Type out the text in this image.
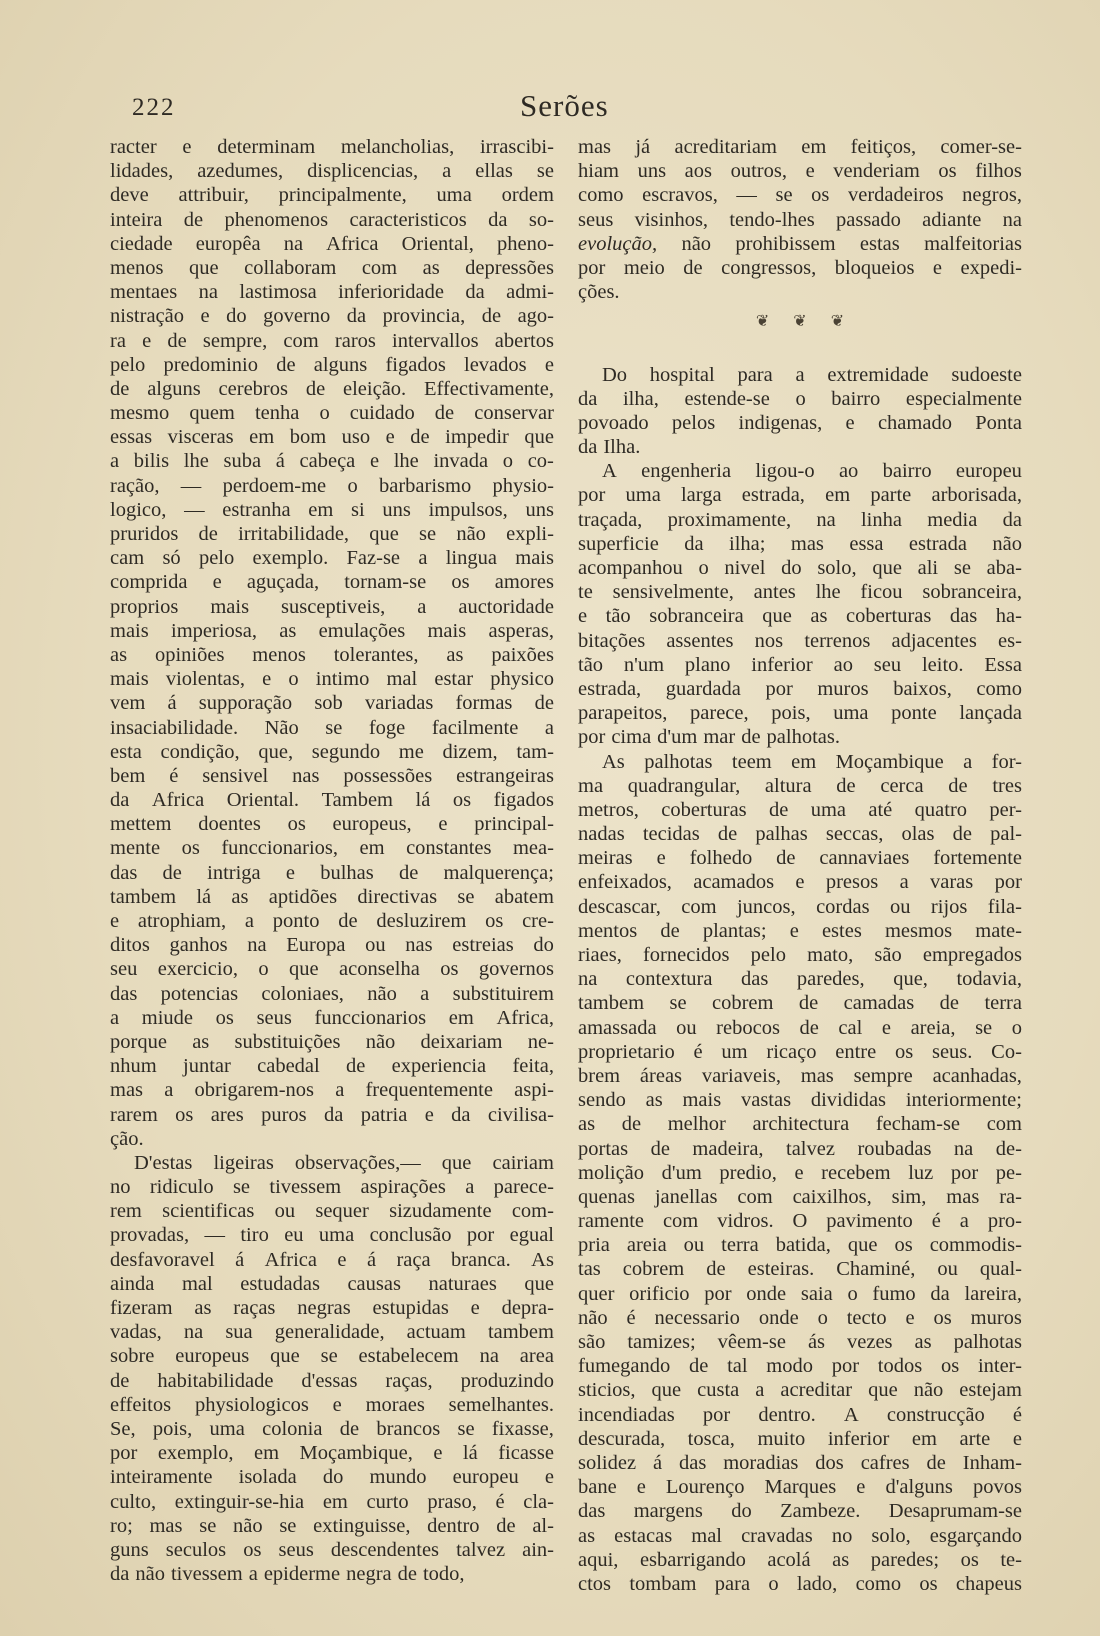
222	Serões
racter e determinam melancholias, irrascibi-
lidades, azedumes, displicencias, a ellas se
deve attribuir, principalmente, uma ordem
inteira de phenomenos caracteristicos da so-
ciedade europêa na Africa Oriental, pheno-
menos que collaboram com as depressões
mentaes na lastimosa inferioridade da admi-
nistração e do governo da provincia, de ago-
ra e de sempre, com raros intervallos abertos
pelo predominio de alguns figados levados e
de alguns cerebros de eleição. Effectivamente,
mesmo quem tenha o cuidado de conservar
essas visceras em bom uso e de impedir que
a bilis lhe suba á cabeça e lhe invada o co-
ração, — perdoem-me o barbarismo physio-
logico, — estranha em si uns impulsos, uns
pruridos de irritabilidade, que se não expli-
cam só pelo exemplo. Faz-se a lingua mais
comprida e aguçada, tornam-se os amores
proprios mais susceptiveis, a auctoridade
mais imperiosa, as emulações mais asperas,
as opiniões menos tolerantes, as paixões
mais violentas, e o intimo mal estar physico
vem á supporação sob variadas formas de
insaciabilidade. Não se foge facilmente a
esta condição, que, segundo me dizem, tam-
bem é sensivel nas possessões estrangeiras
da Africa Oriental. Tambem lá os figados
mettem doentes os europeus, e principal-
mente os funccionarios, em constantes mea-
das de intriga e bulhas de malquerença;
tambem lá as aptidões directivas se abatem
e atrophiam, a ponto de desluzirem os cre-
ditos ganhos na Europa ou nas estreias do
seu exercicio, o que aconselha os governos
das potencias coloniaes, não a substituirem
a miude os seus funccionarios em Africa,
porque as substituições não deixariam ne-
nhum juntar cabedal de experiencia feita,
mas a obrigarem-nos a frequentemente aspi-
rarem os ares puros da patria e da civilisa-
ção.
D'estas ligeiras observações,— que cairiam
no ridiculo se tivessem aspirações a parece-
rem scientificas ou sequer sizudamente com-
provadas, — tiro eu uma conclusão por egual
desfavoravel á Africa e á raça branca. As
ainda mal estudadas causas naturaes que
fizeram as raças negras estupidas e depra-
vadas, na sua generalidade, actuam tambem
sobre europeus que se estabelecem na area
de habitabilidade d'essas raças, produzindo
effeitos physiologicos e moraes semelhantes.
Se, pois, uma colonia de brancos se fixasse,
por exemplo, em Moçambique, e lá ficasse
inteiramente isolada do mundo europeu e
culto, extinguir-se-hia em curto praso, é cla-
ro; mas se não se extinguisse, dentro de al-
guns seculos os seus descendentes talvez ain-
da não tivessem a epiderme negra de todo,
mas já acreditariam em feitiços, comer-se-
hiam uns aos outros, e venderiam os filhos
como escravos, — se os verdadeiros negros,
seus visinhos, tendo-lhes passado adiante na
evolução, não prohibissem estas malfeitorias
por meio de congressos, bloqueios e expedi-
ções.
❦ ❦ ❦
Do hospital para a extremidade sudoeste
da ilha, estende-se o bairro especialmente
povoado pelos indigenas, e chamado Ponta
da Ilha.
A engenheria ligou-o ao bairro europeu
por uma larga estrada, em parte arborisada,
traçada, proximamente, na linha media da
superficie da ilha; mas essa estrada não
acompanhou o nivel do solo, que ali se aba-
te sensivelmente, antes lhe ficou sobranceira,
e tão sobranceira que as coberturas das ha-
bitações assentes nos terrenos adjacentes es-
tão n'um plano inferior ao seu leito. Essa
estrada, guardada por muros baixos, como
parapeitos, parece, pois, uma ponte lançada
por cima d'um mar de palhotas.
As palhotas teem em Moçambique a for-
ma quadrangular, altura de cerca de tres
metros, coberturas de uma até quatro per-
nadas tecidas de palhas seccas, olas de pal-
meiras e folhedo de cannaviaes fortemente
enfeixados, acamados e presos a varas por
descascar, com juncos, cordas ou rijos fila-
mentos de plantas; e estes mesmos mate-
riaes, fornecidos pelo mato, são empregados
na contextura das paredes, que, todavia,
tambem se cobrem de camadas de terra
amassada ou rebocos de cal e areia, se o
proprietario é um ricaço entre os seus. Co-
brem áreas variaveis, mas sempre acanhadas,
sendo as mais vastas divididas interiormente;
as de melhor architectura fecham-se com
portas de madeira, talvez roubadas na de-
molição d'um predio, e recebem luz por pe-
quenas janellas com caixilhos, sim, mas ra-
ramente com vidros. O pavimento é a pro-
pria areia ou terra batida, que os commodis-
tas cobrem de esteiras. Chaminé, ou qual-
quer orificio por onde saia o fumo da lareira,
não é necessario onde o tecto e os muros
são tamizes; vêem-se ás vezes as palhotas
fumegando de tal modo por todos os inter-
sticios, que custa a acreditar que não estejam
incendiadas por dentro. A construcção é
descurada, tosca, muito inferior em arte e
solidez á das moradias dos cafres de Inham-
bane e Lourenço Marques e d'alguns povos
das margens do Zambeze. Desaprumam-se
as estacas mal cravadas no solo, esgarçando
aqui, esbarrigando acolá as paredes; os te-
ctos tombam para o lado, como os chapeus
